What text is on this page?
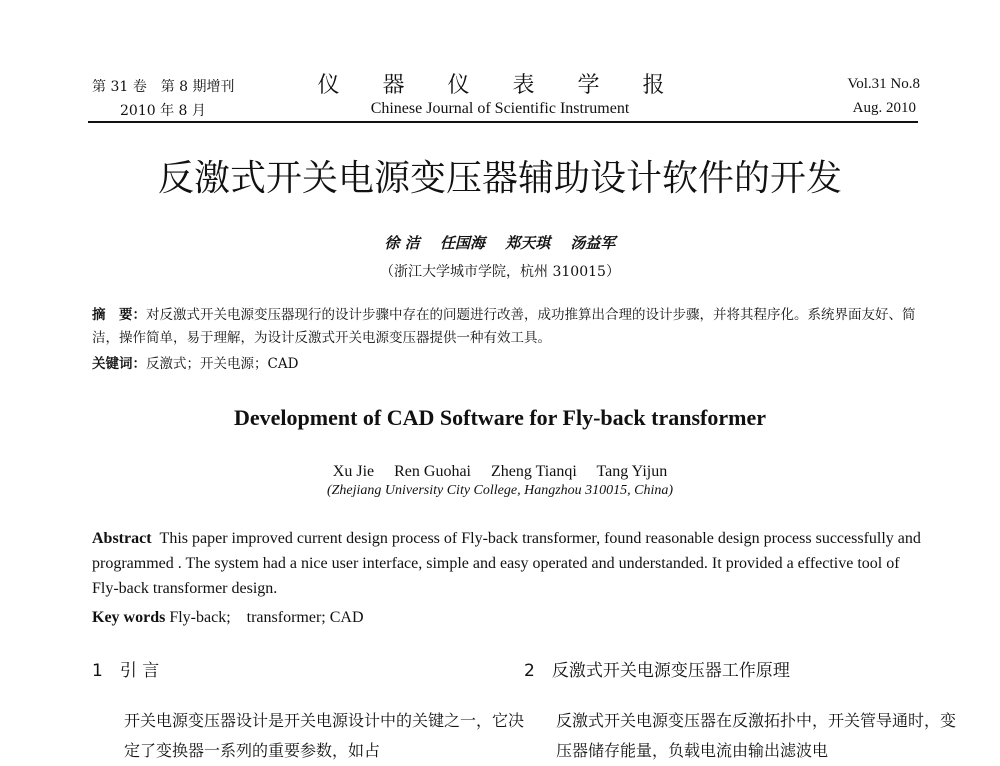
第 31 卷　第 8 期增刊
2010 年 8 月
仪 器 仪 表 学 报
Chinese Journal of Scientific Instrument
Vol.31 No.8
Aug. 2010
反激式开关电源变压器辅助设计软件的开发
徐 洁　 任国海　 郑天琪　 汤益军
（浙江大学城市学院，杭州 310015）
摘　要：对反激式开关电源变压器现行的设计步骤中存在的问题进行改善，成功推算出合理的设计步骤，并将其程序化。系统界面友好、简洁，操作简单，易于理解，为设计反激式开关电源变压器提供一种有效工具。
关键词：反激式；开关电源；CAD
Development of CAD Software for Fly-back transformer
Xu Jie　 Ren Guohai　 Zheng Tianqi　 Tang Yijun
(Zhejiang University City College, Hangzhou 310015, China)
Abstract This paper improved current design process of Fly-back transformer, found reasonable design process successfully and programmed . The system had a nice user interface, simple and easy operated and understanded. It provided a effective tool of Fly-back transformer design.
Key words Fly-back;　transformer; CAD
1　引 言	2　反激式开关电源变压器工作原理
开关电源变压器设计是开关电源设计中的关键之一，它决定了变换器一系列的重要参数，如占
反激式开关电源变压器在反激拓扑中，开关管导通时，变压器储存能量，负载电流由输出滤波电
